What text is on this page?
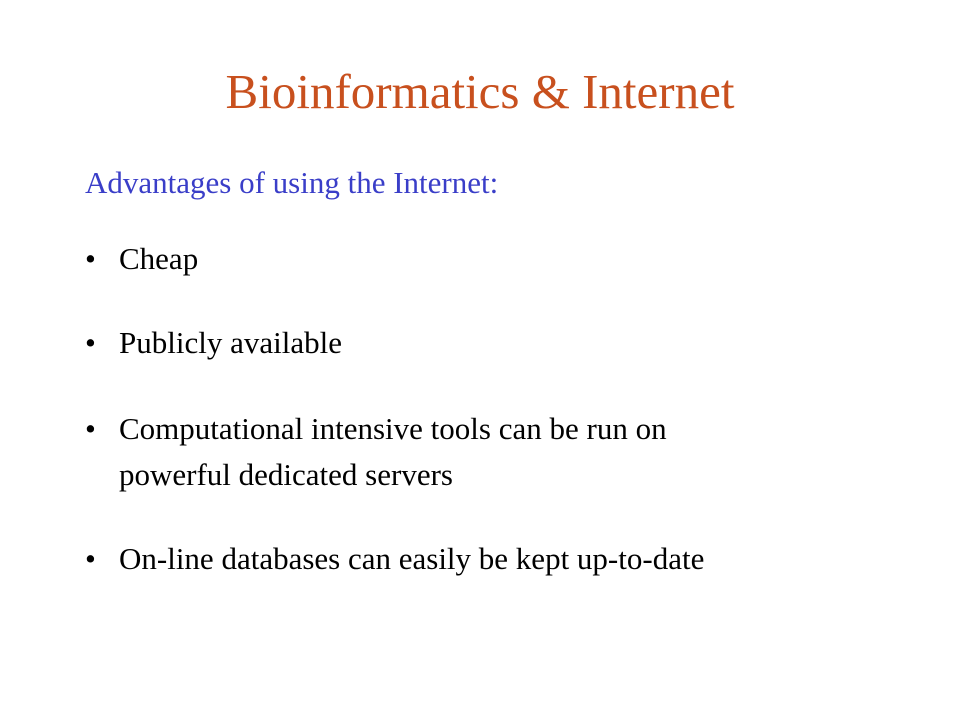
Bioinformatics & Internet
Advantages of using the Internet:
• Cheap
• Publicly available
• Computational intensive tools can be run on
powerful dedicated servers
• On-line databases can easily be kept up-to-date
